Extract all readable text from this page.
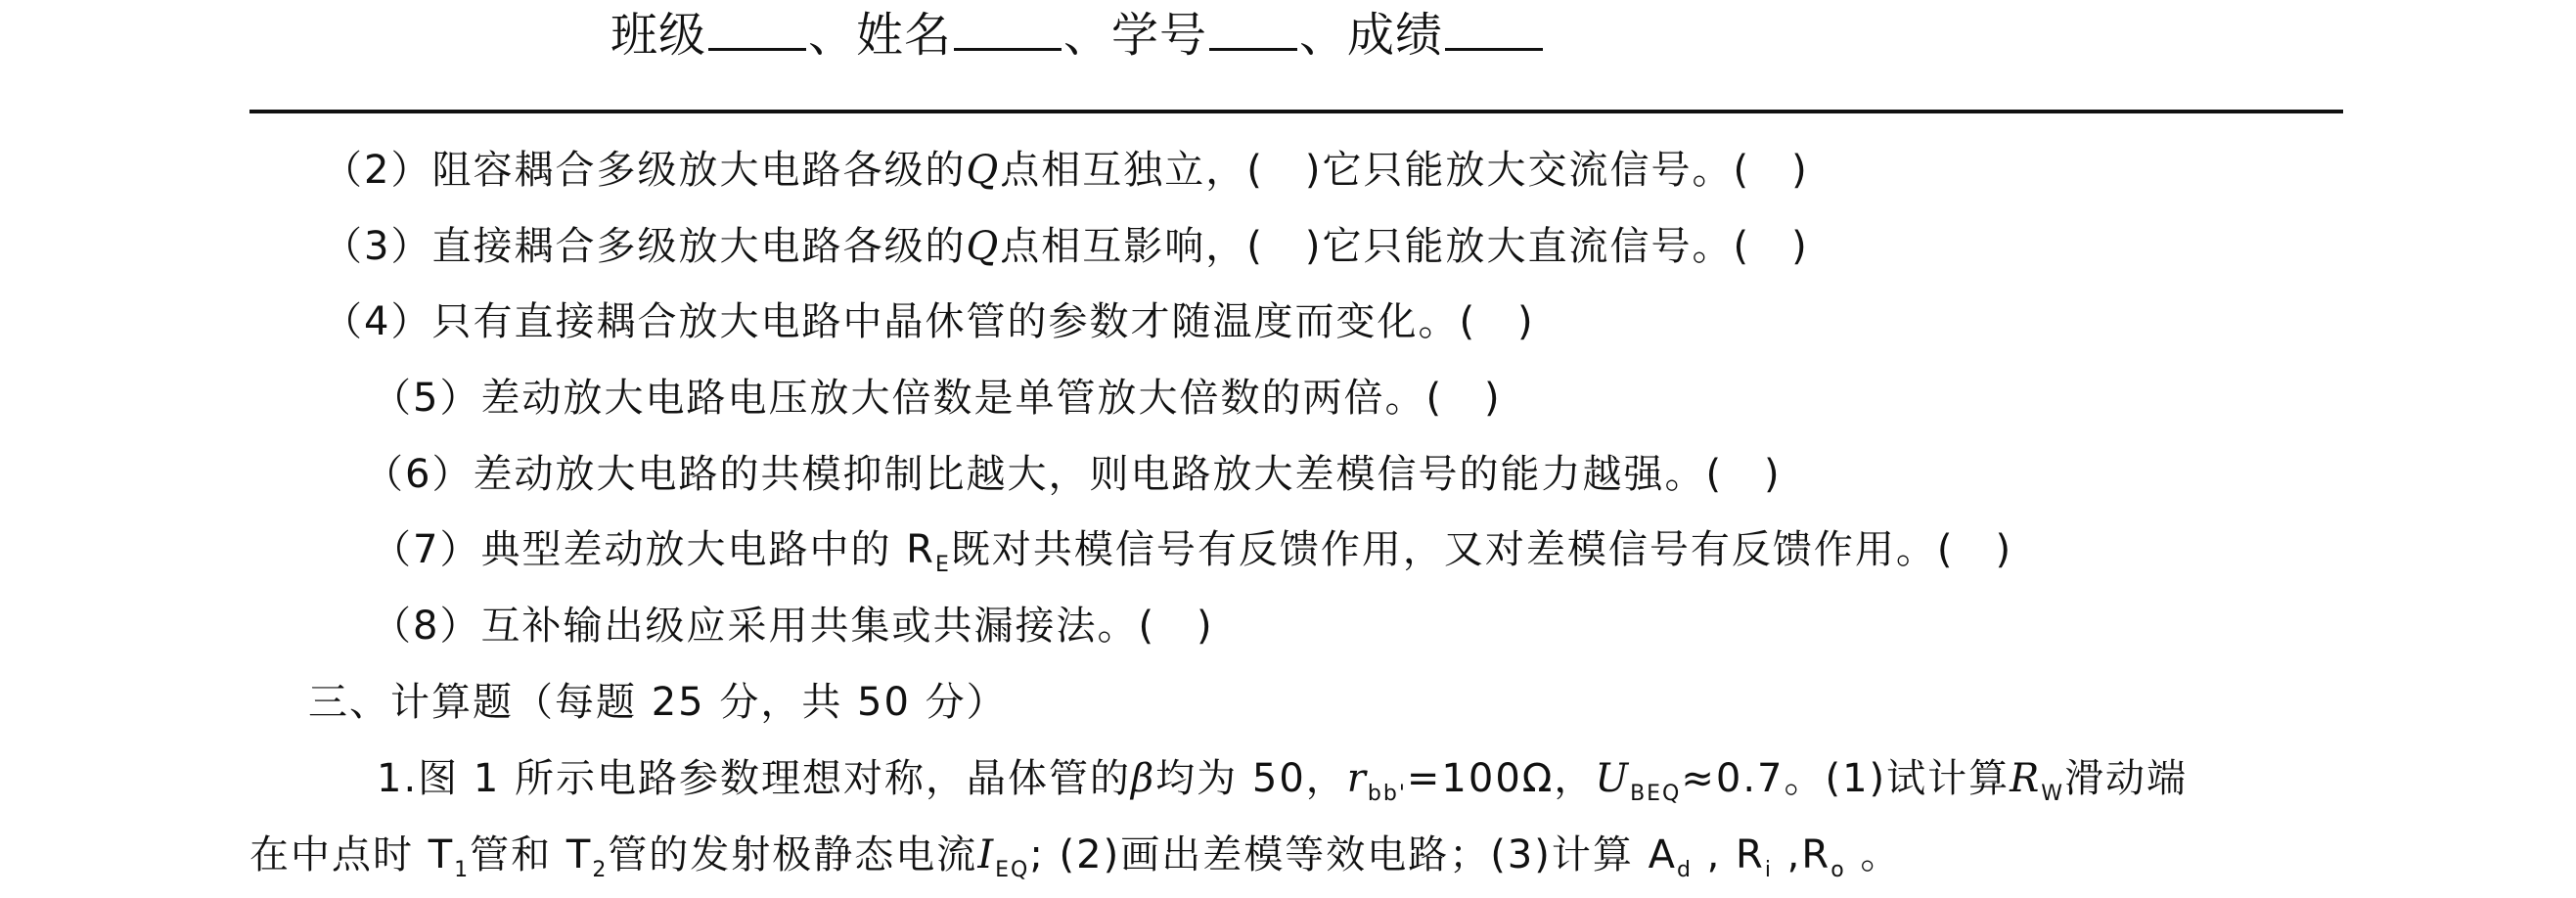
班级 、姓名 、学号 、成绩
（2）阻容耦合多级放大电路各级的Q点相互独立，(　)它只能放大交流信号。(　)
（3）直接耦合多级放大电路各级的Q点相互影响，(　)它只能放大直流信号。(　)
（4）只有直接耦合放大电路中晶休管的参数才随温度而变化。(　)
（5）差动放大电路电压放大倍数是单管放大倍数的两倍。(　)
（6）差动放大电路的共模抑制比越大，则电路放大差模信号的能力越强。(　)
（7）典型差动放大电路中的 $R_E$既对共模信号有反馈作用，又对差模信号有反馈作用。(　)
（8）互补输出级应采用共集或共漏接法。(　)
三、计算题（每题 25 分，共 50 分）
1.图 1 所示电路参数理想对称，晶体管的β均为 50，$r_{bb'}=100\Omega$，$U_{BEQ}\approx 0.7$。(1)试计算$R_W$滑动端
在中点时 $T_1$管和 $T_2$管的发射极静态电流$I_{EQ}$; (2)画出差模等效电路；(3)计算 $A_d$ , $R_i$ $,R_o$ 。
